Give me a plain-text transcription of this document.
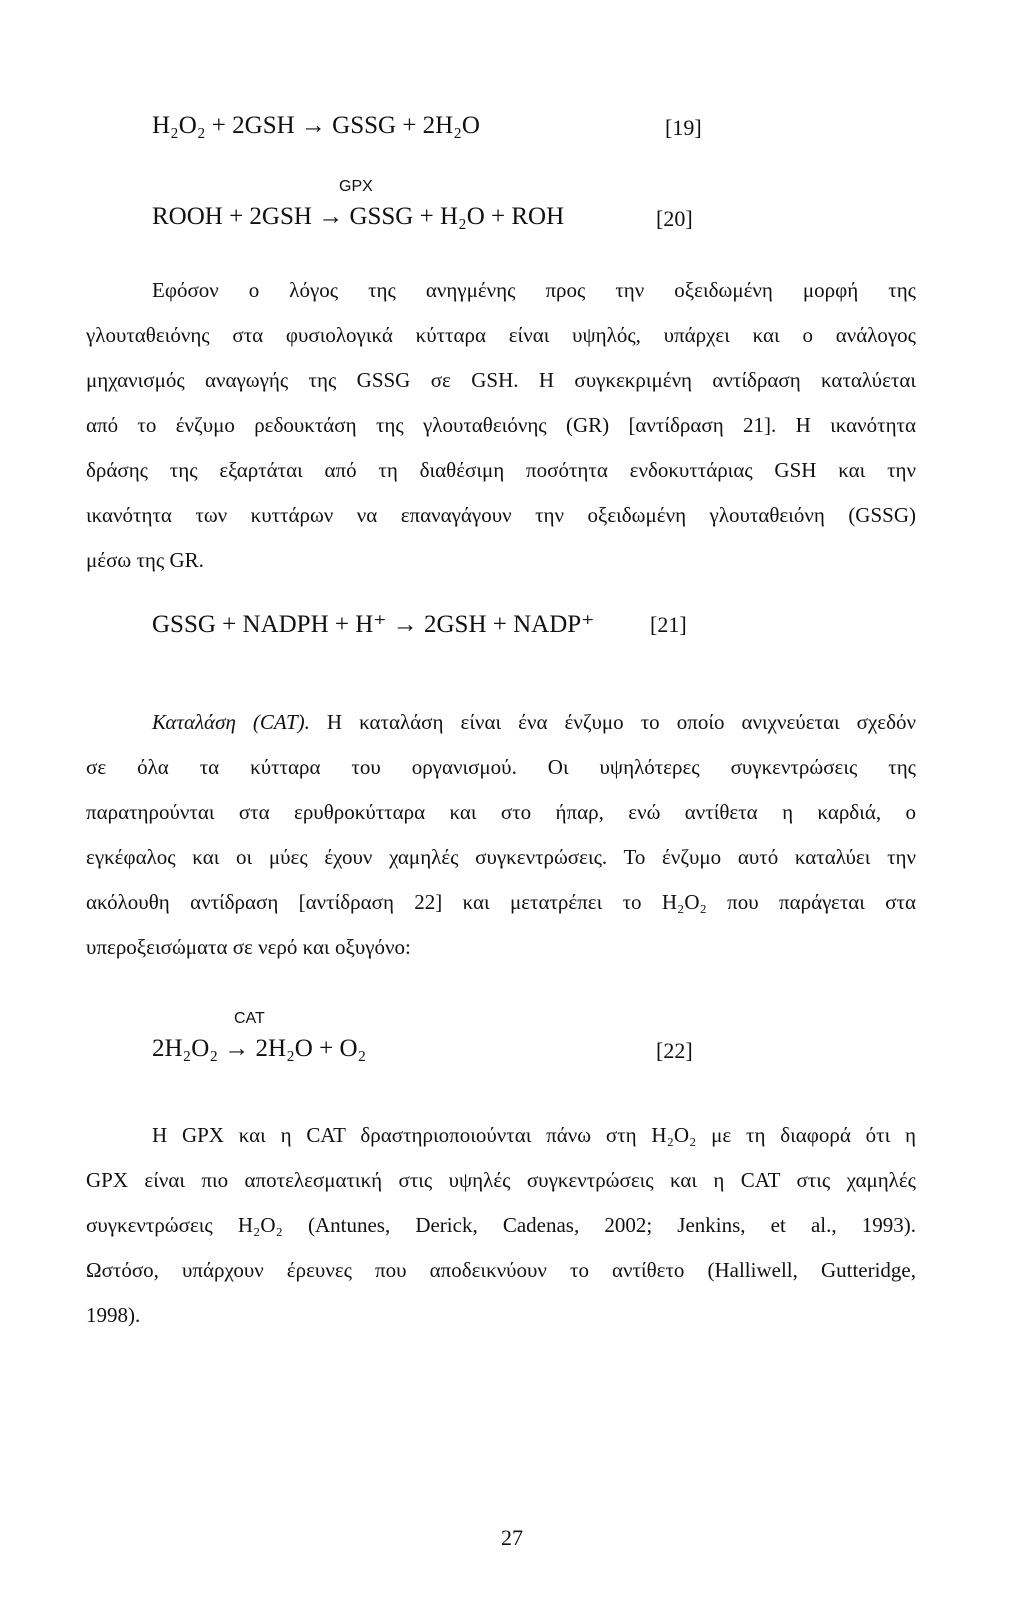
H₂O₂ + 2GSH → GSSG + 2H₂O	[19]
GPX
ROOH + 2GSH → GSSG + H₂O + ROH	[20]
Εφόσον ο λόγος της ανηγμένης προς την οξειδωμένη μορφή της
γλουταθειόνης στα φυσιολογικά κύτταρα είναι υψηλός, υπάρχει και ο ανάλογος
μηχανισμός αναγωγής της GSSG σε GSH. Η συγκεκριμένη αντίδραση καταλύεται
από το ένζυμο ρεδουκτάση της γλουταθειόνης (GR) [αντίδραση 21]. Η ικανότητα
δράσης της εξαρτάται από τη διαθέσιμη ποσότητα ενδοκυττάριας GSH και την
ικανότητα των κυττάρων να επαναγάγουν την οξειδωμένη γλουταθειόνη (GSSG)
μέσω της GR.
GSSG + NADPH + H⁺ → 2GSH + NADP⁺	[21]
Καταλάση (CAT). Η καταλάση είναι ένα ένζυμο το οποίο ανιχνεύεται σχεδόν
σε όλα τα κύτταρα του οργανισμού. Οι υψηλότερες συγκεντρώσεις της
παρατηρούνται στα ερυθροκύτταρα και στο ήπαρ, ενώ αντίθετα η καρδιά, ο
εγκέφαλος και οι μύες έχουν χαμηλές συγκεντρώσεις. Το ένζυμο αυτό καταλύει την
ακόλουθη αντίδραση [αντίδραση 22] και μετατρέπει το H₂O₂ που παράγεται στα
υπεροξεισώματα σε νερό και οξυγόνο:
CAT
2H₂O₂ → 2H₂O + O₂	[22]
Η GPX και η CAT δραστηριοποιούνται πάνω στη H₂O₂ με τη διαφορά ότι η
GPX είναι πιο αποτελεσματική στις υψηλές συγκεντρώσεις και η CAT στις χαμηλές
συγκεντρώσεις H₂O₂ (Antunes, Derick, Cadenas, 2002; Jenkins, et al., 1993).
Ωστόσο, υπάρχουν έρευνες που αποδεικνύουν το αντίθετο (Halliwell, Gutteridge,
1998).
27
